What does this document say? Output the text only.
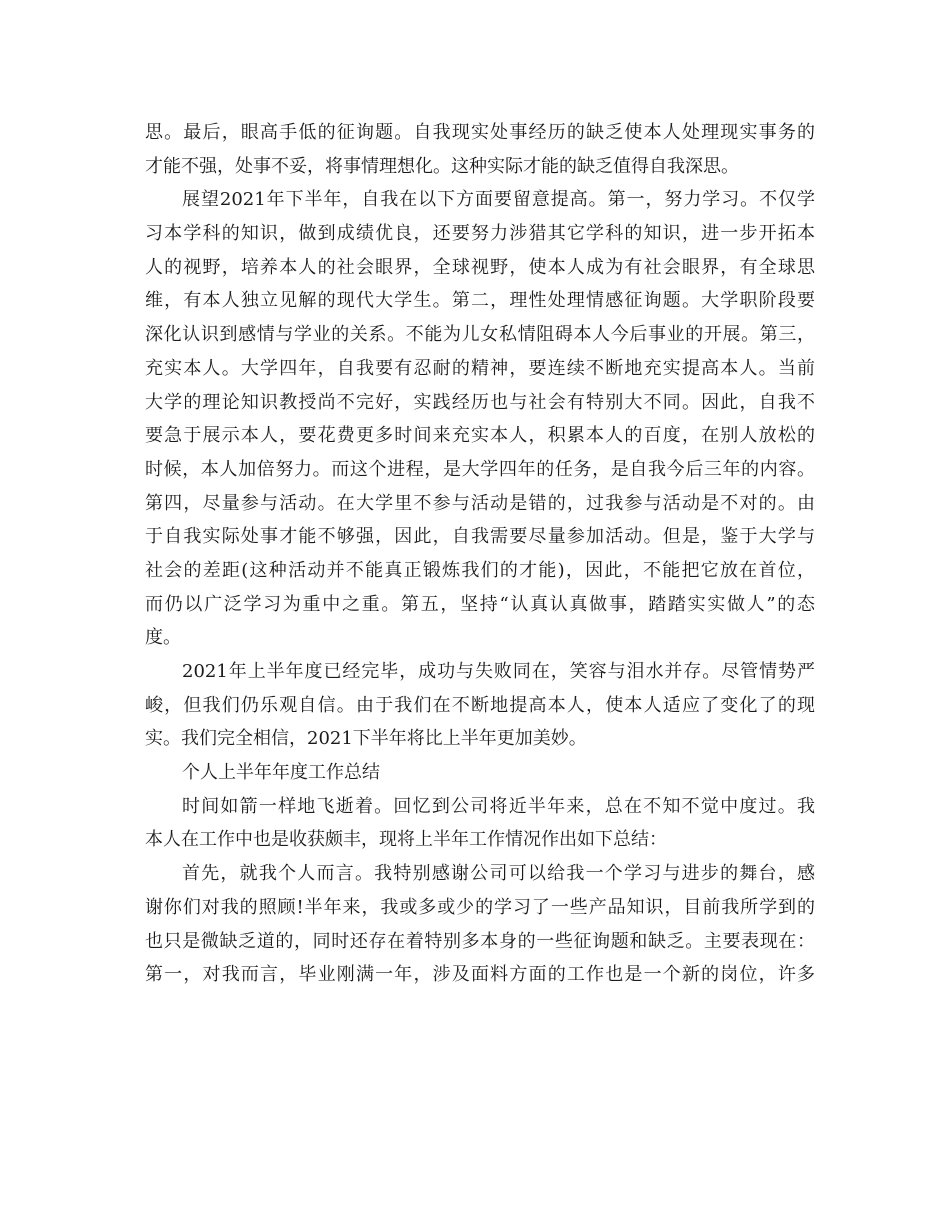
思。最后，眼高手低的征询题。自我现实处事经历的缺乏使本人处理现实事务的
才能不强，处事不妥，将事情理想化。这种实际才能的缺乏值得自我深思。
展望2021年下半年，自我在以下方面要留意提高。第一，努力学习。不仅学
习本学科的知识，做到成绩优良，还要努力涉猎其它学科的知识，进一步开拓本
人的视野，培养本人的社会眼界，全球视野，使本人成为有社会眼界，有全球思
维，有本人独立见解的现代大学生。第二，理性处理情感征询题。大学职阶段要
深化认识到感情与学业的关系。不能为儿女私情阻碍本人今后事业的开展。第三，
充实本人。大学四年，自我要有忍耐的精神，要连续不断地充实提高本人。当前
大学的理论知识教授尚不完好，实践经历也与社会有特别大不同。因此，自我不
要急于展示本人，要花费更多时间来充实本人，积累本人的百度，在别人放松的
时候，本人加倍努力。而这个进程，是大学四年的任务，是自我今后三年的内容。
第四，尽量参与活动。在大学里不参与活动是错的，过我参与活动是不对的。由
于自我实际处事才能不够强，因此，自我需要尽量参加活动。但是，鉴于大学与
社会的差距(这种活动并不能真正锻炼我们的才能)，因此，不能把它放在首位，
而仍以广泛学习为重中之重。第五，坚持“认真认真做事，踏踏实实做人”的态
度。
2021年上半年度已经完毕，成功与失败同在，笑容与泪水并存。尽管情势严
峻，但我们仍乐观自信。由于我们在不断地提高本人，使本人适应了变化了的现
实。我们完全相信，2021下半年将比上半年更加美妙。
个人上半年年度工作总结
时间如箭一样地飞逝着。回忆到公司将近半年来，总在不知不觉中度过。我
本人在工作中也是收获颇丰，现将上半年工作情况作出如下总结：
首先，就我个人而言。我特别感谢公司可以给我一个学习与进步的舞台，感
谢你们对我的照顾!半年来，我或多或少的学习了一些产品知识，目前我所学到的
也只是微缺乏道的，同时还存在着特别多本身的一些征询题和缺乏。主要表现在：
第一，对我而言，毕业刚满一年，涉及面料方面的工作也是一个新的岗位，许多
